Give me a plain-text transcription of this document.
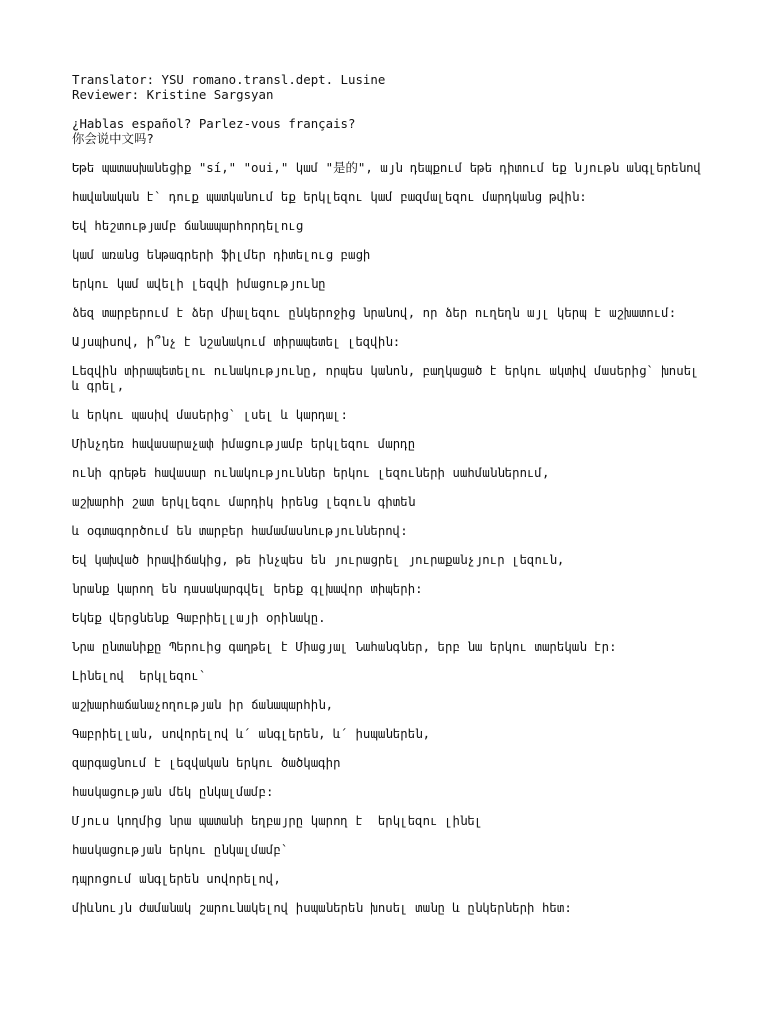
Translator: YSU romano.transl.dept. Lusine
Reviewer: Kristine Sargsyan
¿Hablas español? Parlez-vous français?
你会说中文吗?
Եթե պատասխանեցիք "sí," "oui," կամ "是的", այն դեպքում եթե դիտում եք նյութն անգլերենով
hավանական է` դուք պատկանում եք երկլեզու կամ բազմալեզու մարդկանց թվին:
Եվ հեշտությամբ ճանապարհորդելուց
կամ առանց ենթագրերի ֆիլմեր դիտելուց բացի
երկու կամ ավելի լեզվի իմացությունը
ձեզ տարբերում է ձեր միալեզու ընկերոջից նրանով, որ ձեր ուղեղն այլ կերպ է աշխատում:
Այսպիսով, ի՞նչ է նշանակում տիրապետել լեզվին:
Լեզվին տիրապետելու ունակությունը, որպես կանոն, բաղկացած է երկու ակտիվ մասերից` խոսել և գրել,
և երկու պասիվ մասերից` լսել և կարդալ:
Մինչդեռ hավասարաչափ իմացությամբ երկլեզու մարդը
ունի գրեթե hավասար ունակություններ երկու լեզուների սահմաններում,
աշխարհի շատ երկլեզու մարդիկ իրենց լեզուն գիտեն
և օգտագործում են տարբեր hամամասնություններով:
Եվ կախված իրավիճակից, թե ինչպես են յուրացրել յուրաքանչյուր լեզուն,
նրանք կարող են դասակարգվել երեք գլխավոր տիպերի:
Եկեք վերցնենք Գաբրիելլայի օրինակը.
Նրա ընտանիքը Պերուից գաղթել է Միացյալ Նահանգներ, երբ նա երկու տարեկան էր:
Լինելով  երկլեզու`
աշխարհաճանաչողության իր ճանապարհին,
Գաբրիելլան, սովորելով և՛ անգլերեն, և՛ իսպաներեն,
զարգացնում է լեզվական երկու ծածկագիր
hասկացության մեկ ընկալմամբ:
Մյուս կողմից նրա պատանի եղբայրը կարող է  երկլեզու լինել
hասկացության երկու ընկալմամբ`
դպրոցում անգլերեն սովորելով,
միևնույն ժամանակ շարունակելով իսպաներեն խոսել տանը և ընկերների հետ:
